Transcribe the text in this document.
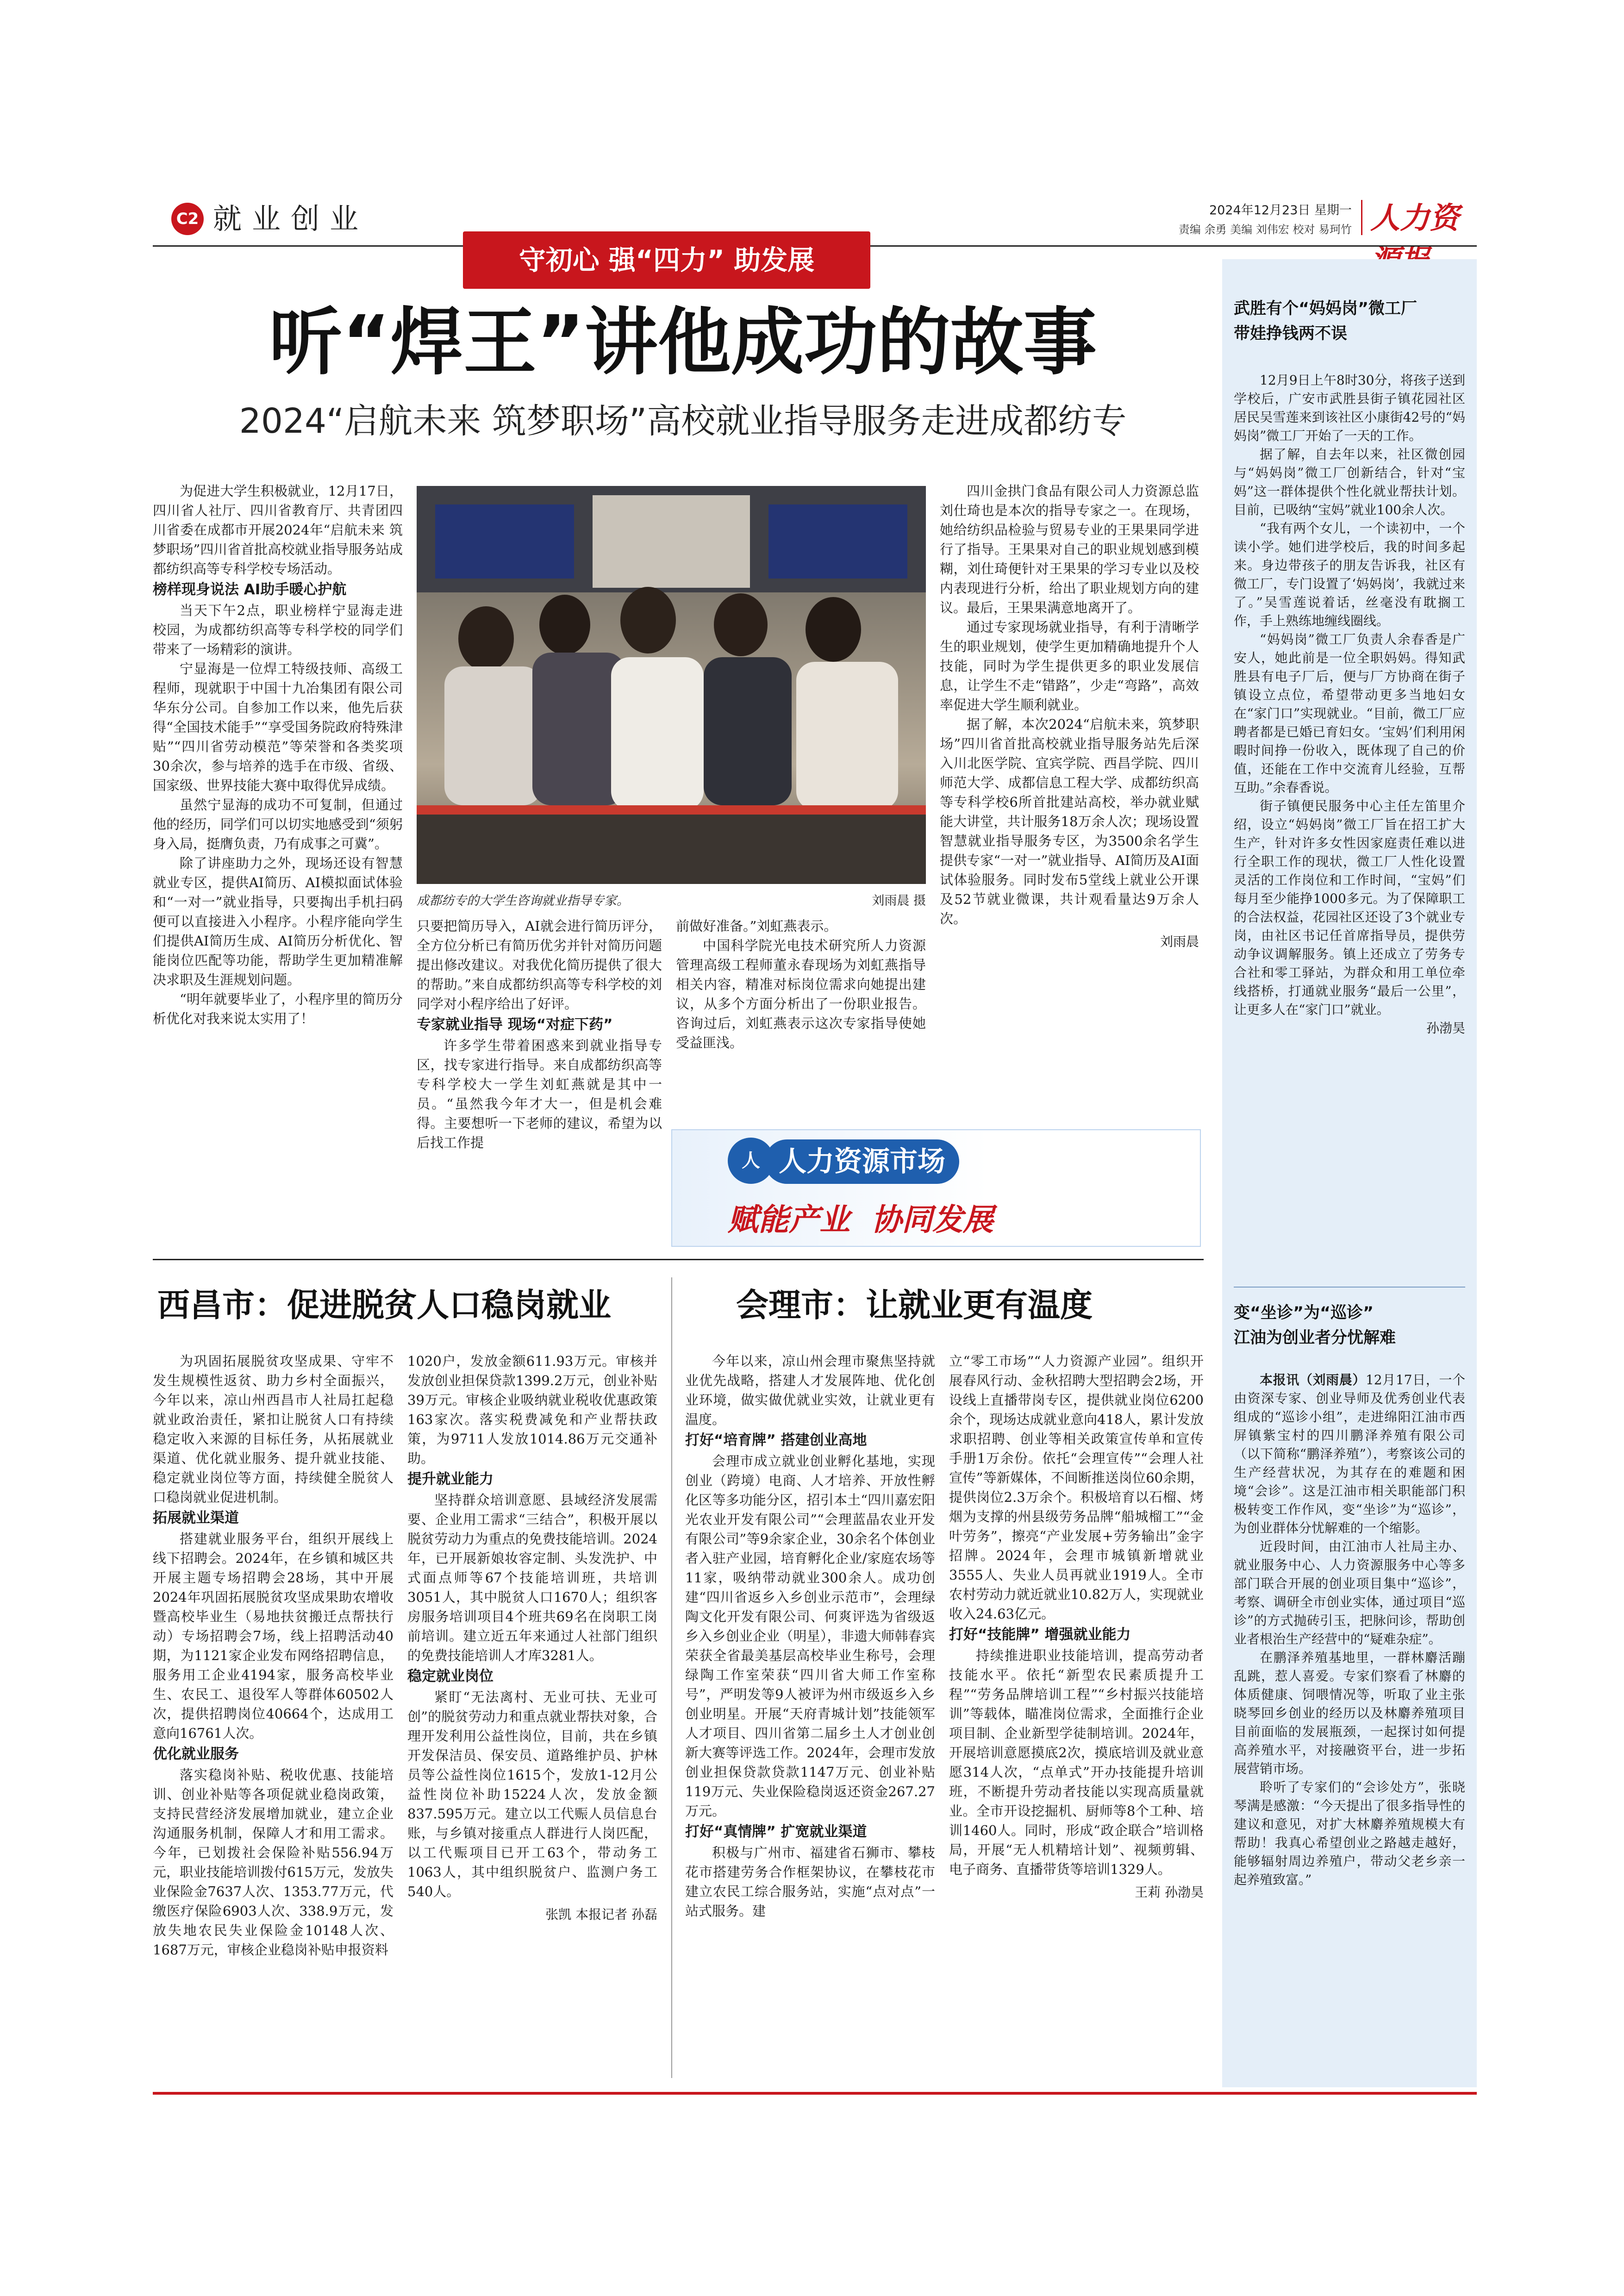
C2 就业创业	2024年12月23日 星期一
责编 余勇 美编 刘伟宏 校对 易珂竹 人力资
守初心 强“四力” 助发展
听“焊王”讲他成功的故事
2024“启航未来 筑梦职场”高校就业指导服务走进成都纺专

为促进大学生积极就业，12月17日，四川省人社厅、四川省教育厅、共青团四川省委在成都市开展2024年“启航未来 筑梦职场”四川省首批高校就业指导服务站成都纺织高等专科学校专场活动。

榜样现身说法 AI助手暖心护航

当天下午2点，职业榜样宁显海走进校园，为成都纺织高等专科学校的同学们带来了一场精彩的演讲。

宁显海是一位焊工特级技师、高级工程师，现就职于中国十九冶集团有限公司华东分公司。自参加工作以来，他先后获得“全国技术能手”“享受国务院政府特殊津贴”“四川省劳动模范”等荣誉和各类奖项30余次，参与培养的选手在市级、省级、国家级、世界技能大赛中取得优异成绩。

虽然宁显海的成功不可复制，但通过他的经历，同学们可以切实地感受到“须躬身入局，挺膺负责，乃有成事之可冀”。

除了讲座助力之外，现场还设有智慧就业专区，提供AI简历、AI模拟面试体验和“一对一”就业指导，只要掏出手机扫码便可以直接进入小程序。小程序能向学生们提供AI简历生成、AI简历分析优化、智能岗位匹配等功能，帮助学生更加精准解决求职及生涯规划问题。

“明年就要毕业了，小程序里的简历分析优化对我来说太实用了！

成都纺专的大学生咨询就业指导专家。	刘雨晨 摄

只要把简历导入，AI就会进行简历评分，全方位分析已有简历优劣并针对简历问题提出修改建议。对我优化简历提供了很大的帮助。”来自成都纺织高等专科学校的刘同学对小程序给出了好评。

专家就业指导 现场“对症下药”

许多学生带着困惑来到就业指导专区，找专家进行指导。来自成都纺织高等专科学校大一学生刘虹燕就是其中一员。“虽然我今年才大一，但是机会难得。主要想听一下老师的建议，希望为以后找工作提

前做好准备。”刘虹燕表示。

中国科学院光电技术研究所人力资源管理高级工程师董永春现场为刘虹燕指导相关内容，精准对标岗位需求向她提出建议，从多个方面分析出了一份职业报告。咨询过后，刘虹燕表示这次专家指导使她受益匪浅。

四川金拱门食品有限公司人力资源总监刘仕琦也是本次的指导专家之一。在现场，她给纺织品检验与贸易专业的王果果同学进行了指导。王果果对自己的职业规划感到模糊，刘仕琦便针对王果果的学习专业以及校内表现进行分析，给出了职业规划方向的建议。最后，王果果满意地离开了。

通过专家现场就业指导，有利于清晰学生的职业规划，使学生更加精确地提升个人技能，同时为学生提供更多的职业发展信息，让学生不走“错路”，少走“弯路”，高效率促进大学生顺利就业。

据了解，本次2024“启航未来，筑梦职场”四川省首批高校就业指导服务站先后深入川北医学院、宜宾学院、西昌学院、四川师范大学、成都信息工程大学、成都纺织高等专科学校6所首批建站高校，举办就业赋能大讲堂，共计服务18万余人次；现场设置智慧就业指导服务专区，为3500余名学生提供专家“一对一”就业指导、AI简历及AI面试体验服务。同时发布5堂线上就业公开课及52节就业微课，共计观看量达9万余人次。

刘雨晨
人 人力资源市场
赋能产业  协同发展
武胜有个“妈妈岗”微工厂
带娃挣钱两不误

12月9日上午8时30分，将孩子送到学校后，广安市武胜县街子镇花园社区居民吴雪莲来到该社区小康街42号的“妈妈岗”微工厂开始了一天的工作。

据了解，自去年以来，社区微创园与“妈妈岗”微工厂创新结合，针对“宝妈”这一群体提供个性化就业帮扶计划。目前，已吸纳“宝妈”就业100余人次。

“我有两个女儿，一个读初中，一个读小学。她们进学校后，我的时间多起来。身边带孩子的朋友告诉我，社区有微工厂，专门设置了‘妈妈岗’，我就过来了。”吴雪莲说着话，丝毫没有耽搁工作，手上熟练地缠线圈线。

“妈妈岗”微工厂负责人余春香是广安人，她此前是一位全职妈妈。得知武胜县有电子厂后，便与厂方协商在街子镇设立点位，希望带动更多当地妇女在“家门口”实现就业。“目前，微工厂应聘者都是已婚已育妇女。‘宝妈’们利用闲暇时间挣一份收入，既体现了自己的价值，还能在工作中交流育儿经验，互帮互助。”余春香说。

街子镇便民服务中心主任左笛里介绍，设立“妈妈岗”微工厂旨在招工扩大生产，针对许多女性因家庭责任难以进行全职工作的现状，微工厂人性化设置灵活的工作岗位和工作时间，“宝妈”们每月至少能挣1000多元。为了保障职工的合法权益，花园社区还设了3个就业专岗，由社区书记任首席指导员，提供劳动争议调解服务。镇上还成立了劳务专合社和零工驿站，为群众和用工单位牵线搭桥，打通就业服务“最后一公里”，让更多人在“家门口”就业。

孙渤昊
变“坐诊”为“巡诊”
江油为创业者分忧解难

本报讯（刘雨晨）12月17日，一个由资深专家、创业导师及优秀创业代表组成的“巡诊小组”，走进绵阳江油市西屏镇紫宝村的四川鹏泽养殖有限公司（以下简称“鹏泽养殖”），考察该公司的生产经营状况，为其存在的难题和困境“会诊”。这是江油市相关职能部门积极转变工作作风，变“坐诊”为“巡诊”，为创业群体分忧解难的一个缩影。

近段时间，由江油市人社局主办、就业服务中心、人力资源服务中心等多部门联合开展的创业项目集中“巡诊”，考察、调研全市创业实体，通过项目“巡诊”的方式抛砖引玉，把脉问诊，帮助创业者根治生产经营中的“疑难杂症”。

在鹏泽养殖基地里，一群林麝活蹦乱跳，惹人喜爱。专家们察看了林麝的体质健康、饲喂情况等，听取了业主张晓琴回乡创业的经历以及林麝养殖项目目前面临的发展瓶颈，一起探讨如何提高养殖水平，对接融资平台，进一步拓展营销市场。

聆听了专家们的“会诊处方”，张晓琴满是感激：“今天提出了很多指导性的建议和意见，对扩大林麝养殖规模大有帮助！我真心希望创业之路越走越好，能够辐射周边养殖户，带动父老乡亲一起养殖致富。”

西昌市：促进脱贫人口稳岗就业

为巩固拓展脱贫攻坚成果、守牢不发生规模性返贫、助力乡村全面振兴，今年以来，凉山州西昌市人社局扛起稳就业政治责任，紧扣让脱贫人口有持续稳定收入来源的目标任务，从拓展就业渠道、优化就业服务、提升就业技能、稳定就业岗位等方面，持续健全脱贫人口稳岗就业促进机制。

拓展就业渠道

搭建就业服务平台，组织开展线上线下招聘会。2024年，在乡镇和城区共开展主题专场招聘会28场，其中开展2024年巩固拓展脱贫攻坚成果助农增收暨高校毕业生（易地扶贫搬迁点帮扶行动）专场招聘会7场，线上招聘活动40期，为1121家企业发布网络招聘信息，服务用工企业4194家，服务高校毕业生、农民工、退役军人等群体60502人次，提供招聘岗位40664个，达成用工意向16761人次。

优化就业服务

落实稳岗补贴、税收优惠、技能培训、创业补贴等各项促就业稳岗政策，支持民营经济发展增加就业，建立企业沟通服务机制，保障人才和用工需求。今年，已划拨社会保险补贴556.94万元，职业技能培训拨付615万元，发放失业保险金7637人次、1353.77万元，代缴医疗保险6903人次、338.9万元，发放失地农民失业保险金10148人次、1687万元，审核企业稳岗补贴申报资料

1020户，发放金额611.93万元。审核并发放创业担保贷款1399.2万元，创业补贴39万元。审核企业吸纳就业税收优惠政策163家次。落实税费减免和产业帮扶政策，为9711人发放1014.86万元交通补助。

提升就业能力

坚持群众培训意愿、县域经济发展需要、企业用工需求“三结合”，积极开展以脱贫劳动力为重点的免费技能培训。2024年，已开展新娘妆容定制、头发洗护、中式面点师等67个技能培训班，共培训3051人，其中脱贫人口1670人；组织客房服务培训项目4个班共69名在岗职工岗前培训。建立近五年来通过人社部门组织的免费技能培训人才库3281人。

稳定就业岗位

紧盯“无法离村、无业可扶、无业可创”的脱贫劳动力和重点就业帮扶对象，合理开发利用公益性岗位，目前，共在乡镇开发保洁员、保安员、道路维护员、护林员等公益性岗位1615个，发放1-12月公益性岗位补助15224人次，发放金额837.595万元。建立以工代赈人员信息台账，与乡镇对接重点人群进行人岗匹配，以工代赈项目已开工63个，带动务工1063人，其中组织脱贫户、监测户务工540人。

张凯 本报记者 孙磊
会理市：让就业更有温度

今年以来，凉山州会理市聚焦坚持就业优先战略，搭建人才发展阵地、优化创业环境，做实做优就业实效，让就业更有温度。

打好“培育牌” 搭建创业高地

会理市成立就业创业孵化基地，实现创业（跨境）电商、人才培养、开放性孵化区等多功能分区，招引本土“四川嘉宏阳光农业开发有限公司”“会理蓝晶农业开发有限公司”等9余家企业，30余名个体创业者入驻产业园，培育孵化企业/家庭农场等11家，吸纳带动就业300余人。成功创建“四川省返乡入乡创业示范市”，会理绿陶文化开发有限公司、何爽评选为省级返乡入乡创业企业（明星），非遗大师韩春宾荣获全省最美基层高校毕业生称号，会理绿陶工作室荣获“四川省大师工作室称号”，严明发等9人被评为州市级返乡入乡创业明星。开展“天府青城计划”技能领军人才项目、四川省第二届乡土人才创业创新大赛等评选工作。2024年，会理市发放创业担保贷款贷款1147万元、创业补贴119万元、失业保险稳岗返还资金267.27万元。

打好“真情牌” 扩宽就业渠道

积极与广州市、福建省石狮市、攀枝花市搭建劳务合作框架协议，在攀枝花市建立农民工综合服务站，实施“点对点”一站式服务。建

立“零工市场”“人力资源产业园”。组织开展春风行动、金秋招聘大型招聘会2场，开设线上直播带岗专区，提供就业岗位6200余个，现场达成就业意向418人，累计发放求职招聘、创业等相关政策宣传单和宣传手册1万余份。依托“会理宣传”“会理人社宣传”等新媒体，不间断推送岗位60余期，提供岗位2.3万余个。积极培育以石榴、烤烟为支撑的州县级劳务品牌“船城榴工”“金叶劳务”，擦亮“产业发展+劳务输出”金字招牌。2024年，会理市城镇新增就业3555人、失业人员再就业1919人。全市农村劳动力就近就业10.82万人，实现就业收入24.63亿元。

打好“技能牌” 增强就业能力

持续推进职业技能培训，提高劳动者技能水平。依托“新型农民素质提升工程”“劳务品牌培训工程”“乡村振兴技能培训”等载体，瞄准岗位需求，全面推行企业项目制、企业新型学徒制培训。2024年，开展培训意愿摸底2次，摸底培训及就业意愿314人次，“点单式”开办技能提升培训班，不断提升劳动者技能以实现高质量就业。全市开设挖掘机、厨师等8个工种、培训1460人。同时，形成“政企联合”培训格局，开展“无人机精培计划”、视频剪辑、电子商务、直播带货等培训1329人。

王莉 孙渤昊
